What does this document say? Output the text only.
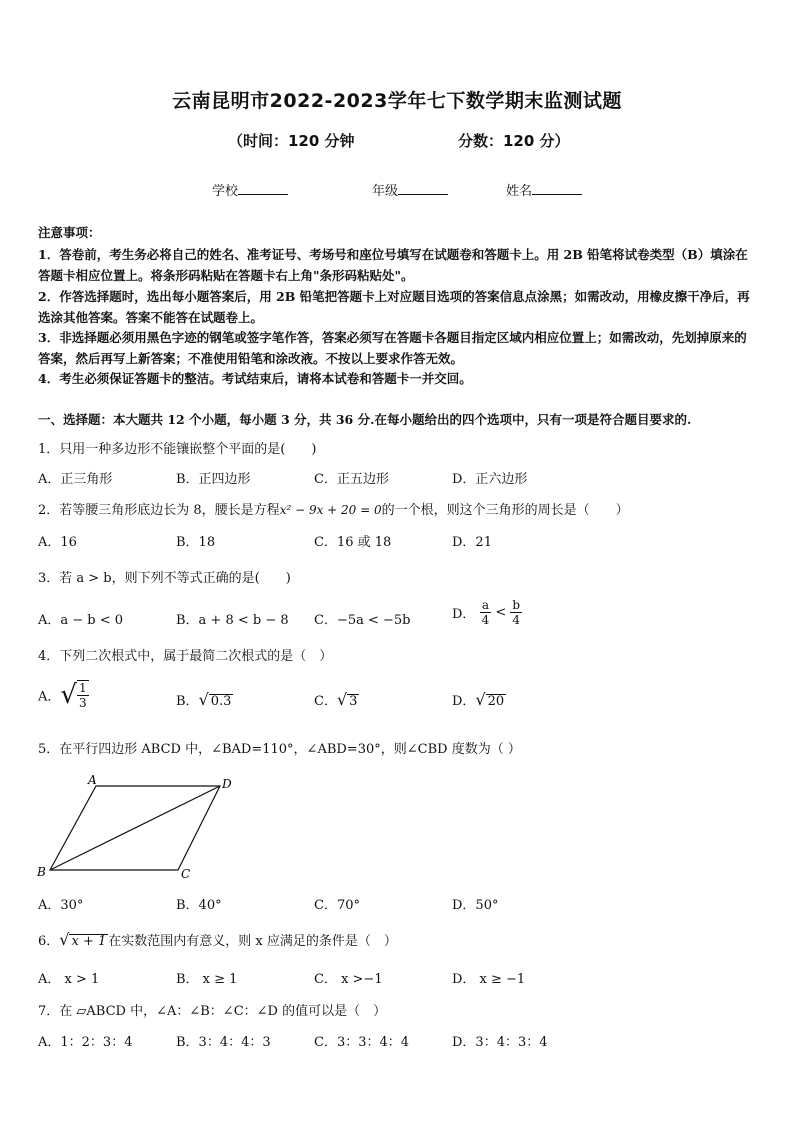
云南昆明市2022-2023学年七下数学期末监测试题
（时间：120 分钟	分数：120 分）
学校	年级	姓名
注意事项：
1．答卷前，考生务必将自己的姓名、准考证号、考场号和座位号填写在试题卷和答题卡上。用 2B 铅笔将试卷类型（B）填涂在答题卡相应位置上。将条形码粘贴在答题卡右上角"条形码粘贴处"。
2．作答选择题时，选出每小题答案后，用 2B 铅笔把答题卡上对应题目选项的答案信息点涂黑；如需改动，用橡皮擦干净后，再选涂其他答案。答案不能答在试题卷上。
3．非选择题必须用黑色字迹的钢笔或签字笔作答，答案必须写在答题卡各题目指定区域内相应位置上；如需改动，先划掉原来的答案，然后再写上新答案；不准使用铅笔和涂改液。不按以上要求作答无效。
4．考生必须保证答题卡的整洁。考试结束后，请将本试卷和答题卡一并交回。
一、选择题：本大题共 12 个小题，每小题 3 分，共 36 分.在每小题给出的四个选项中，只有一项是符合题目要求的.
1．只用一种多边形不能镶嵌整个平面的是(　　)
A．正三角形	B．正四边形	C．正五边形	D．正六边形
2．若等腰三角形底边长为 8，腰长是方程x² − 9x + 20 = 0的一个根，则这个三角形的周长是（　　）
A．16	B．18	C．16 或 18	D．21
3．若 a > b，则下列不等式正确的是(　　)
A．a − b < 0	B．a + 8 < b − 8 C．−5a < −5b	D． $\frac{a}{4} < \frac{b}{4}$
4．下列二次根式中，属于最简二次根式的是（　）
A．√ $\frac{1}{3}$	B．√ 0.3	C．√ 3	D．√ 20
5．在平行四边形 ABCD 中，∠BAD=110°，∠ABD=30°，则∠CBD 度数为（ ）
A	D
B	C
A．30°	B．40°	C．70°	D．50°
6．√ x + 1 在实数范围内有意义，则 x 应满足的条件是（　）
A． x > 1	B． x ≥ 1	C． x >−1	D． x ≥ −1
7．在 ▱ABCD 中，∠A：∠B：∠C：∠D 的值可以是（　）
A．1：2：3：4	B．3：4：4：3	C．3：3：4：4	D．3：4：3：4
